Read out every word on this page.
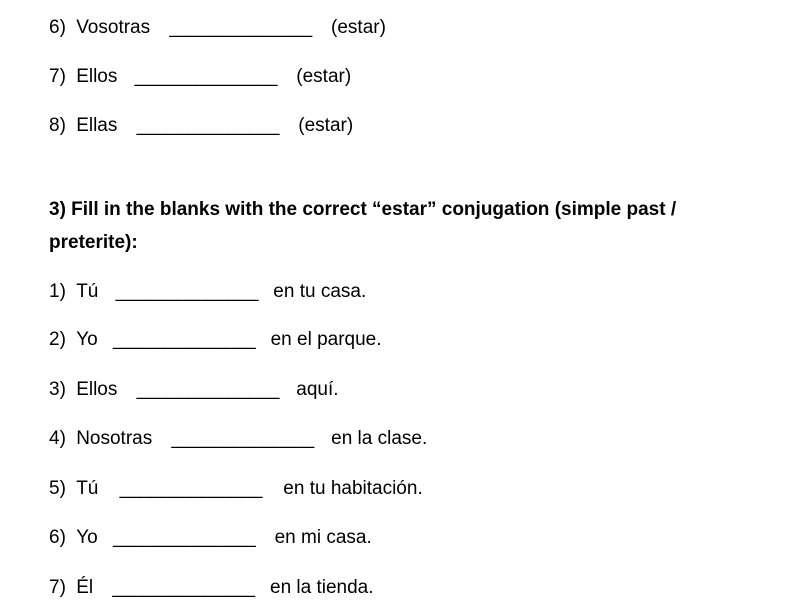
6) Vosotras ______________ (estar)
7) Ellos ______________ (estar)
8) Ellas ______________ (estar)

3) Fill in the blanks with the correct “estar” conjugation (simple past / preterite):

1) Tú ______________ en tu casa.
2) Yo ______________ en el parque.
3) Ellos ______________ aquí.
4) Nosotras ______________ en la clase.
5) Tú ______________ en tu habitación.
6) Yo ______________ en mi casa.
7) Él ______________ en la tienda.
